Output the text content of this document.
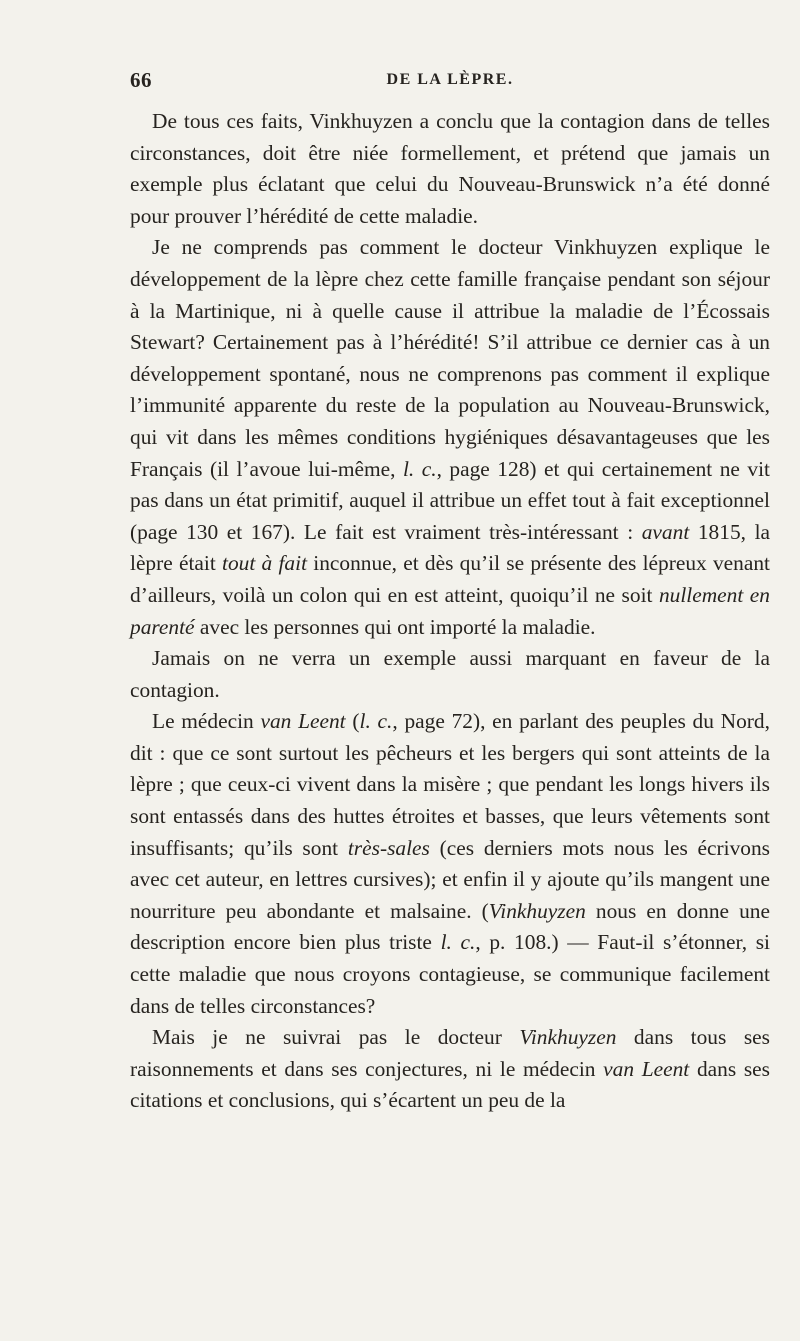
66	DE LA LÈPRE.

De tous ces faits, Vinkhuyzen a conclu que la contagion dans de telles circonstances, doit être niée formellement, et prétend que jamais un exemple plus éclatant que celui du Nouveau-Brunswick n’a été donné pour prouver l’hérédité de cette maladie.

Je ne comprends pas comment le docteur Vinkhuyzen explique le développement de la lèpre chez cette famille française pendant son séjour à la Martinique, ni à quelle cause il attribue la maladie de l’Écossais Stewart? Certainement pas à l’hérédité! S’il attribue ce dernier cas à un développement spontané, nous ne comprenons pas comment il explique l’immunité apparente du reste de la population au Nouveau-Brunswick, qui vit dans les mêmes conditions hygiéniques désavantageuses que les Français (il l’avoue lui-même, l. c., page 128) et qui certainement ne vit pas dans un état primitif, auquel il attribue un effet tout à fait exceptionnel (page 130 et 167). Le fait est vraiment très-intéressant : avant 1815, la lèpre était tout à fait inconnue, et dès qu’il se présente des lépreux venant d’ailleurs, voilà un colon qui en est atteint, quoiqu’il ne soit nullement en parenté avec les personnes qui ont importé la maladie.

Jamais on ne verra un exemple aussi marquant en faveur de la contagion.

Le médecin van Leent (l. c., page 72), en parlant des peuples du Nord, dit : que ce sont surtout les pêcheurs et les bergers qui sont atteints de la lèpre ; que ceux-ci vivent dans la misère ; que pendant les longs hivers ils sont entassés dans des huttes étroites et basses, que leurs vêtements sont insuffisants; qu’ils sont très-sales (ces derniers mots nous les écrivons avec cet auteur, en lettres cursives); et enfin il y ajoute qu’ils mangent une nourriture peu abondante et malsaine. (Vinkhuyzen nous en donne une description encore bien plus triste l. c., p. 108.) — Faut-il s’étonner, si cette maladie que nous croyons contagieuse, se communique facilement dans de telles circonstances?

Mais je ne suivrai pas le docteur Vinkhuyzen dans tous ses raisonnements et dans ses conjectures, ni le médecin van Leent dans ses citations et conclusions, qui s’écartent un peu de la
